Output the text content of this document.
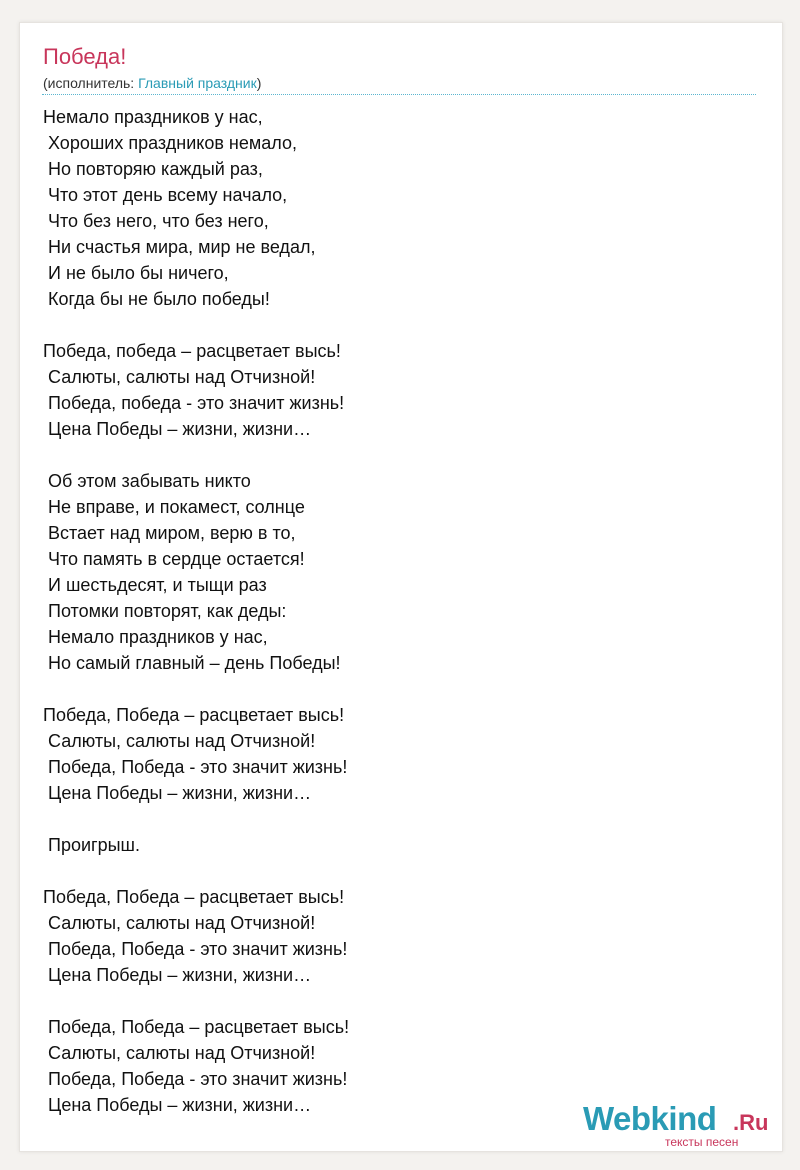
Победа!
(исполнитель: Главный праздник)
Немало праздников у нас,
Хороших праздников немало,
Но повторяю каждый раз,
Что этот день всему начало,
Что без него, что без него,
Ни счастья мира, мир не ведал,
И не было бы ничего,
Когда бы не было победы!
Победа, победа – расцветает высь!
Салюты, салюты над Отчизной!
Победа, победа - это значит жизнь!
Цена Победы – жизни, жизни…
Об этом забывать никто
Не вправе, и покамест, солнце
Встает над миром, верю в то,
Что память в сердце остается!
И шестьдесят, и тыщи раз
Потомки повторят, как деды:
Немало праздников у нас,
Но самый главный – день Победы!
Победа, Победа – расцветает высь!
Салюты, салюты над Отчизной!
Победа, Победа - это значит жизнь!
Цена Победы – жизни, жизни…
Проигрыш.
Победа, Победа – расцветает высь!
Салюты, салюты над Отчизной!
Победа, Победа - это значит жизнь!
Цена Победы – жизни, жизни…
Победа, Победа – расцветает высь!
Салюты, салюты над Отчизной!
Победа, Победа - это значит жизнь!
Цена Победы – жизни, жизни…	Webkind .Ru
тексты песен
